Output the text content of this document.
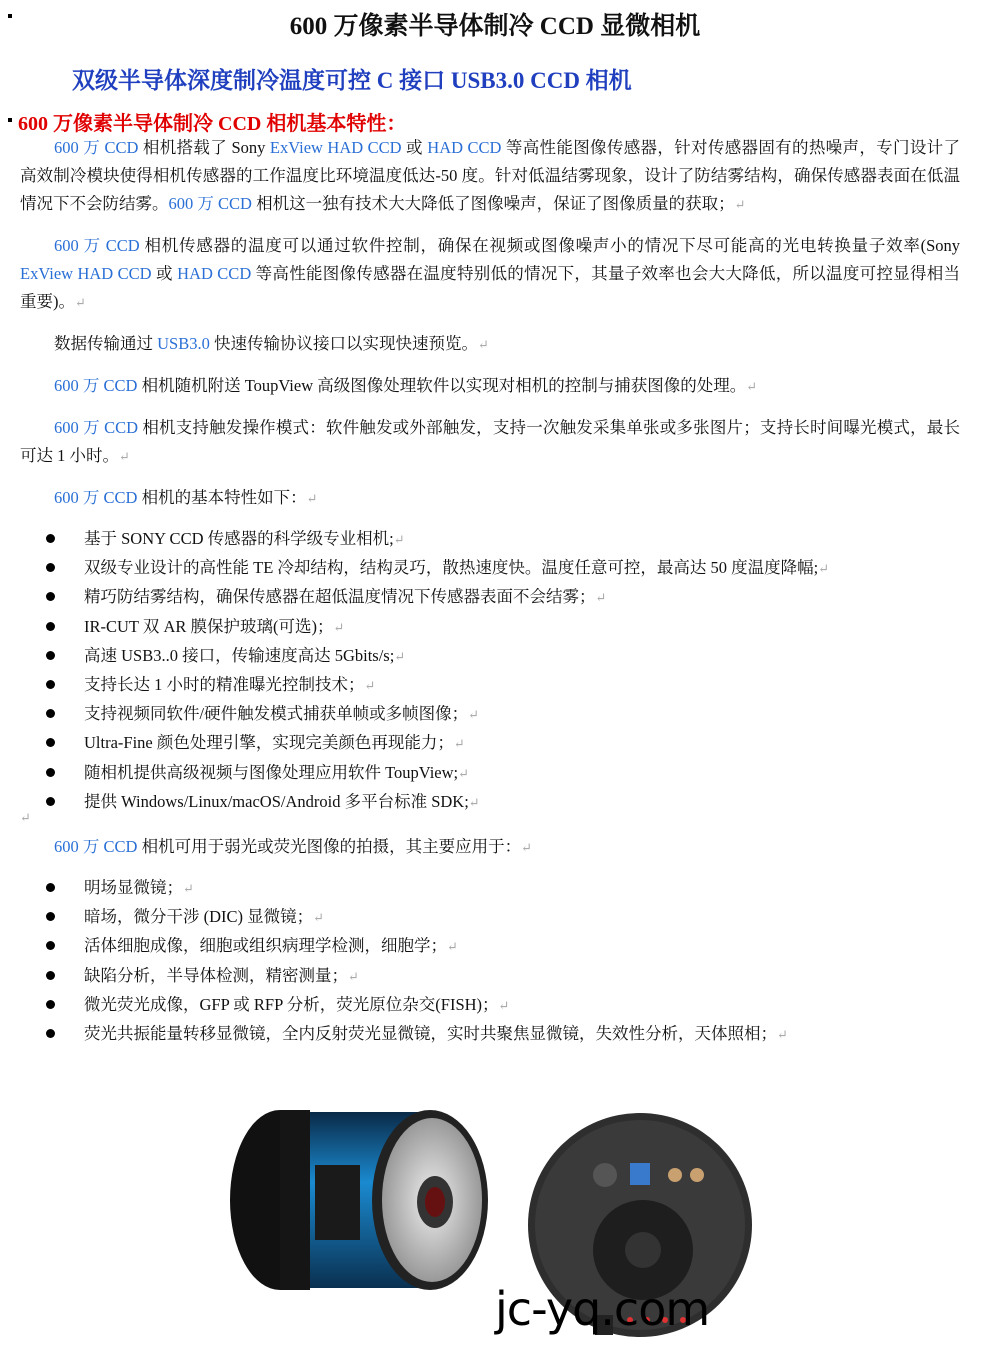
600 万像素半导体制冷 CCD 显微相机
双级半导体深度制冷温度可控 C 接口 USB3.0 CCD 相机
600 万像素半导体制冷 CCD 相机基本特性：
600 万 CCD 相机搭载了 Sony ExView HAD CCD 或 HAD CCD 等高性能图像传感器，针对传感器固有的热噪声，专门设计了高效制冷模块使得相机传感器的工作温度比环境温度低达-50 度。针对低温结雾现象，设计了防结雾结构，确保传感器表面在低温情况下不会防结雾。600 万 CCD 相机这一独有技术大大降低了图像噪声，保证了图像质量的获取；↵
600 万 CCD 相机传感器的温度可以通过软件控制，确保在视频或图像噪声小的情况下尽可能高的光电转换量子效率(Sony ExView HAD CCD 或 HAD CCD 等高性能图像传感器在温度特别低的情况下，其量子效率也会大大降低，所以温度可控显得相当重要)。↵
数据传输通过 USB3.0 快速传输协议接口以实现快速预览。↵
600 万 CCD 相机随机附送 ToupView 高级图像处理软件以实现对相机的控制与捕获图像的处理。↵
600 万 CCD 相机支持触发操作模式：软件触发或外部触发，支持一次触发采集单张或多张图片；支持长时间曝光模式，最长可达 1 小时。↵
600 万 CCD 相机的基本特性如下：↵
基于 SONY CCD 传感器的科学级专业相机;↵
双级专业设计的高性能 TE 冷却结构，结构灵巧，散热速度快。温度任意可控，最高达 50 度温度降幅;↵
精巧防结雾结构，确保传感器在超低温度情况下传感器表面不会结雾；↵
IR-CUT 双 AR 膜保护玻璃(可选)；↵
高速 USB3..0 接口，传输速度高达 5Gbits/s;↵
支持长达 1 小时的精准曝光控制技术；↵
支持视频同软件/硬件触发模式捕获单帧或多帧图像；↵
Ultra-Fine 颜色处理引擎，实现完美颜色再现能力；↵
随相机提供高级视频与图像处理应用软件 ToupView;↵
提供 Windows/Linux/macOS/Android 多平台标准 SDK;↵
↵
600 万 CCD 相机可用于弱光或荧光图像的拍摄，其主要应用于：↵
明场显微镜；↵
暗场，微分干涉 (DIC) 显微镜；↵
活体细胞成像，细胞或组织病理学检测，细胞学；↵
缺陷分析，半导体检测，精密测量；↵
微光荧光成像，GFP 或 RFP 分析，荧光原位杂交(FISH)；↵
荧光共振能量转移显微镜，全内反射荧光显微镜，实时共聚焦显微镜，失效性分析，天体照相；↵
jc-yq.com
